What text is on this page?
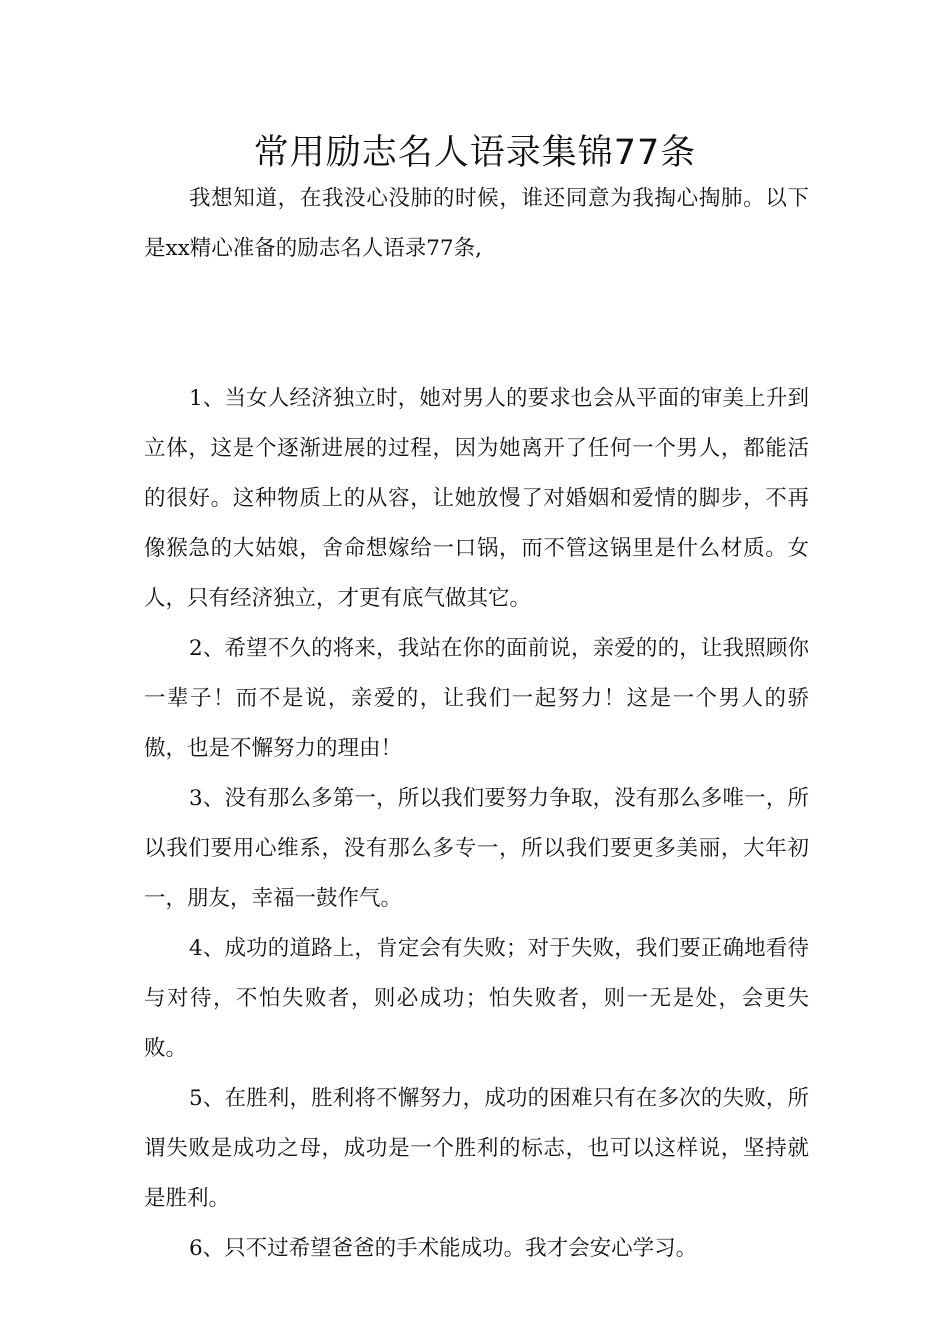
常用励志名人语录集锦77条

我想知道，在我没心没肺的时候，谁还同意为我掏心掏肺。以下是xx精心准备的励志名人语录77条,

1、当女人经济独立时，她对男人的要求也会从平面的审美上升到立体，这是个逐渐进展的过程，因为她离开了任何一个男人，都能活的很好。这种物质上的从容，让她放慢了对婚姻和爱情的脚步，不再像猴急的大姑娘，舍命想嫁给一口锅，而不管这锅里是什么材质。女人，只有经济独立，才更有底气做其它。

2、希望不久的将来，我站在你的面前说，亲爱的的，让我照顾你一辈子！而不是说，亲爱的，让我们一起努力！这是一个男人的骄傲，也是不懈努力的理由！

3、没有那么多第一，所以我们要努力争取，没有那么多唯一，所以我们要用心维系，没有那么多专一，所以我们要更多美丽，大年初一，朋友，幸福一鼓作气。

4、成功的道路上，肯定会有失败；对于失败，我们要正确地看待与对待，不怕失败者，则必成功；怕失败者，则一无是处，会更失败。

5、在胜利，胜利将不懈努力，成功的困难只有在多次的失败，所谓失败是成功之母，成功是一个胜利的标志，也可以这样说，坚持就是胜利。

6、只不过希望爸爸的手术能成功。我才会安心学习。
